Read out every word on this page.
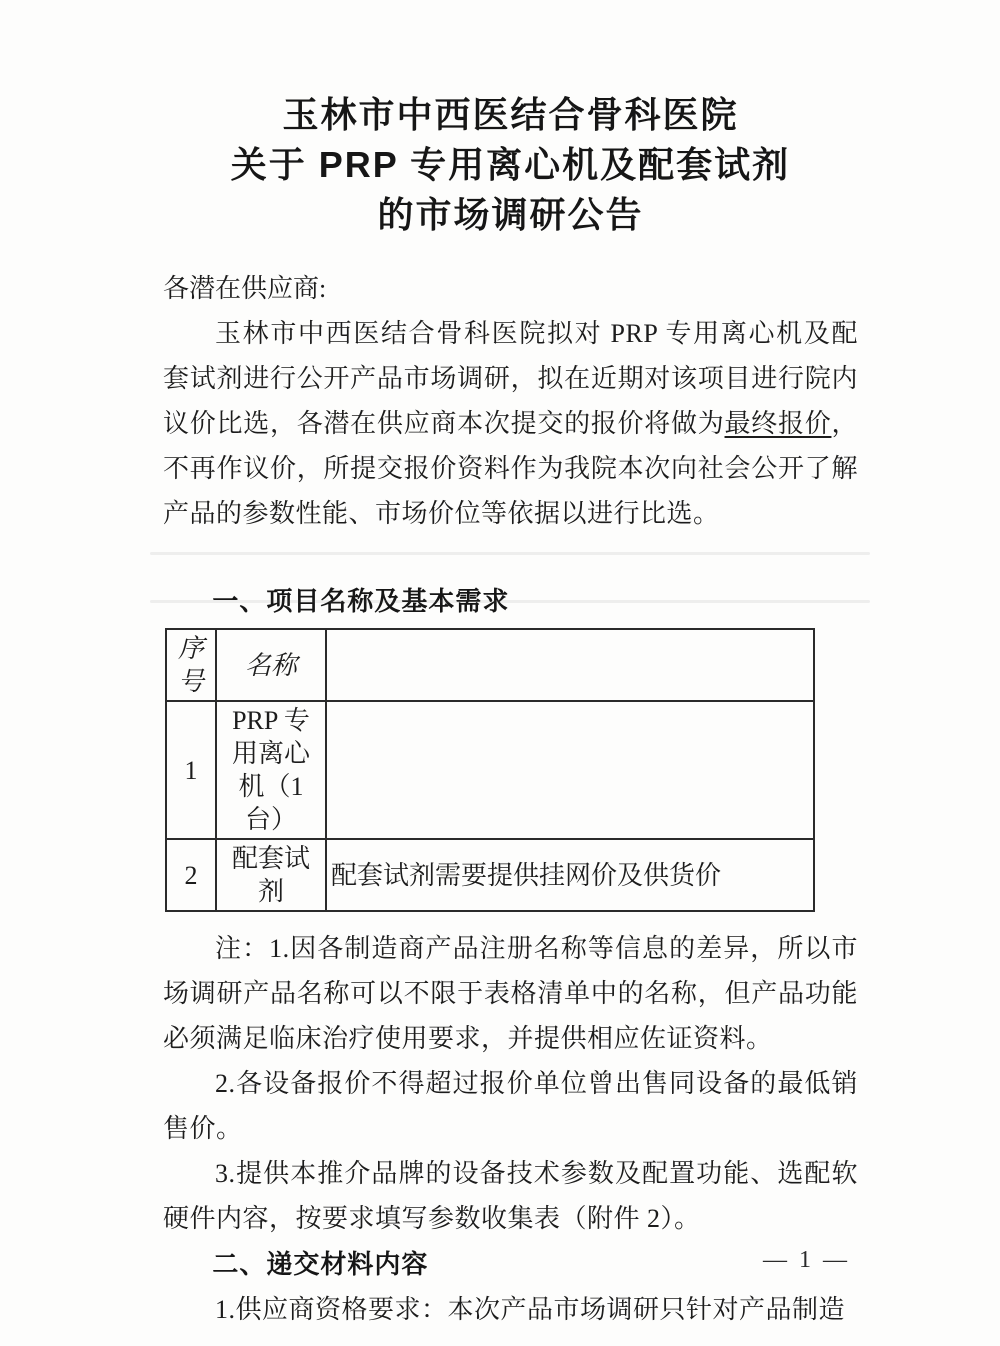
玉林市中西医结合骨科医院
关于 PRP 专用离心机及配套试剂
的市场调研公告

各潜在供应商:

玉林市中西医结合骨科医院拟对 PRP 专用离心机及配套试剂进行公开产品市场调研，拟在近期对该项目进行院内议价比选，各潜在供应商本次提交的报价将做为最终报价，不再作议价，所提交报价资料作为我院本次向社会公开了解产品的参数性能、市场价位等依据以进行比选。

一、项目名称及基本需求
序号	名称	
1	PRP 专用离心机（1台）	
2	配套试剂	配套试剂需要提供挂网价及供货价

注：1.因各制造商产品注册名称等信息的差异，所以市场调研产品名称可以不限于表格清单中的名称，但产品功能必须满足临床治疗使用要求，并提供相应佐证资料。

2.各设备报价不得超过报价单位曾出售同设备的最低销售价。

3.提供本推介品牌的设备技术参数及配置功能、选配软硬件内容，按要求填写参数收集表（附件 2）。

二、递交材料内容

1.供应商资格要求：本次产品市场调研只针对产品制造

— 1 —
